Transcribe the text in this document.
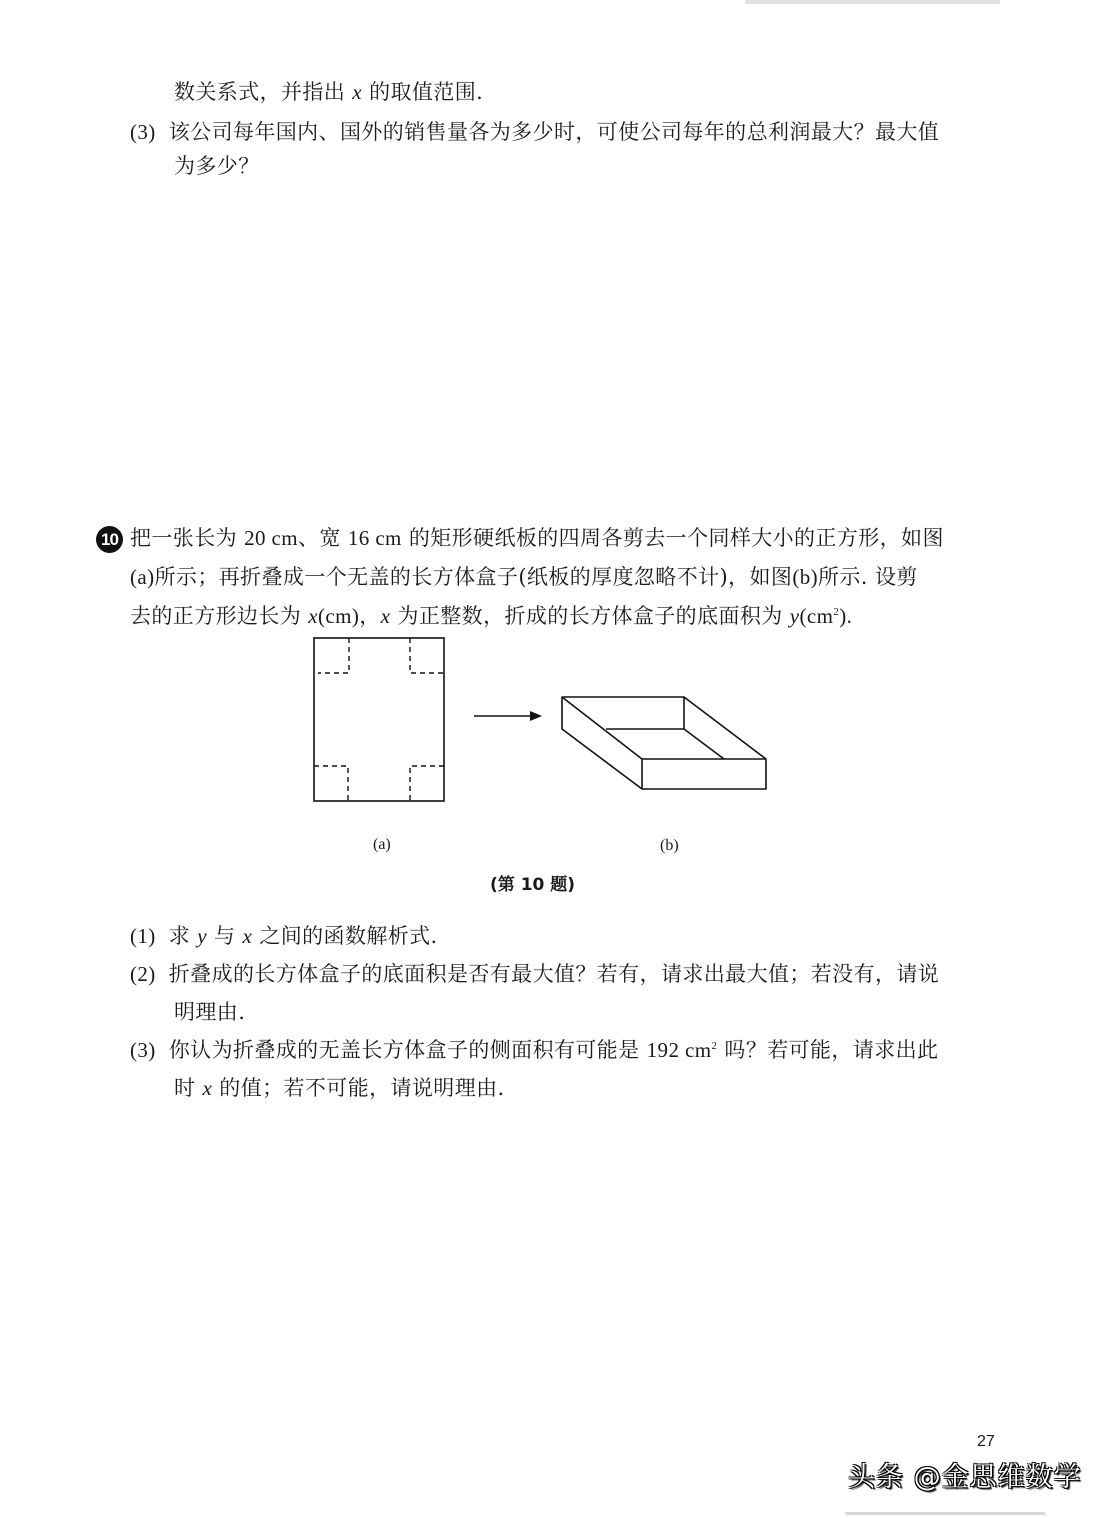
数关系式，并指出 x 的取值范围.
(3) 该公司每年国内、国外的销售量各为多少时，可使公司每年的总利润最大？最大值
为多少？
10 把一张长为 20 cm、宽 16 cm 的矩形硬纸板的四周各剪去一个同样大小的正方形，如图
(a)所示；再折叠成一个无盖的长方体盒子(纸板的厚度忽略不计)，如图(b)所示. 设剪
去的正方形边长为 x(cm)，x 为正整数，折成的长方体盒子的底面积为 $y(cm^2)$.
(a)	(b)
(第 10 题)
(1) 求 y 与 x 之间的函数解析式.
(2) 折叠成的长方体盒子的底面积是否有最大值？若有，请求出最大值；若没有，请说
明理由.
(3) 你认为折叠成的无盖长方体盒子的侧面积有可能是 192 $cm^2$ 吗？若可能，请求出此
时 x 的值；若不可能，请说明理由.
27
头条 @金思维数学
